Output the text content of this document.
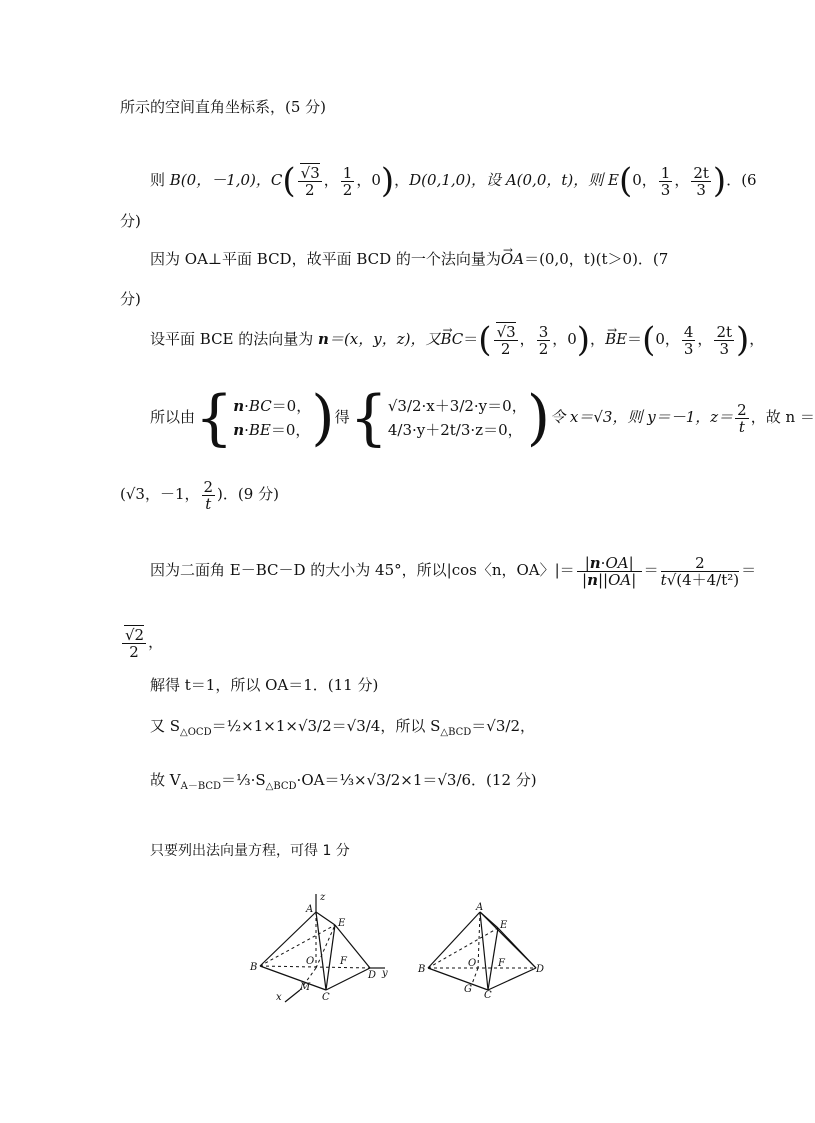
所示的空间直角坐标系，(5 分)
则 B(0，－1,0)，$C( \frac{√3}{2}$ ， $\frac{1}{2}$ ，0)，D(0,1,0)，设 A(0,0，t)，则 E(0， $\frac{1}{3}$ ， $\frac{2t}{3}$ )．(6
分)
因为 OA⊥平面 BCD，故平面 BCD 的一个法向量为→ OA＝(0,0，t)(t＞0)．(7
分)
设平面 BCE 的法向量为 n＝(x，y，z)，又→ $BC=( \frac{√3}{2}$ ， $\frac{3}{2}$ ，0)，→ BE＝(0， $\frac{4}{3}$ ， $\frac{2t}{3}$ )，
所以由{ n·BC＝0，
n·BE＝0， )得{ √3/2·x＋3/2·y＝0，
4/3·y＋2t/3·z＝0， )令 x＝√3，则 y＝－1，$z= \frac{2}{t}$ ，故 n ＝
(√3，－1， $\frac{2}{t}$ )．(9 分)
因为二面角 E－BC－D 的大小为 45°，所以|cos〈n，OA〉|＝ $\frac{|n\cdot OA|}{|n||OA|} = \frac{2}{\text{t√(4＋4/t²)}}$ ＝
$\frac{√2}{2}$ ，
解得 t＝1，所以 OA＝1．(11 分)
又 $S_{\triangle OCD}=\frac{1}{2}\times 1\times 1\times√3/2=√3/4$，所以 $S_{\triangle BCD}=√3/2$，
故 $V_{A-BCD}=\frac{1}{3}\cdot S_{\triangle BCD}\cdot OA=\frac{1}{3}\times√3/2\times 1=√3/6$．(12 分)
只要列出法向量方程，可得 1 分
A
z
E
B
O	F
D y
x
M
C
A
E
B
O F
D
G
C
